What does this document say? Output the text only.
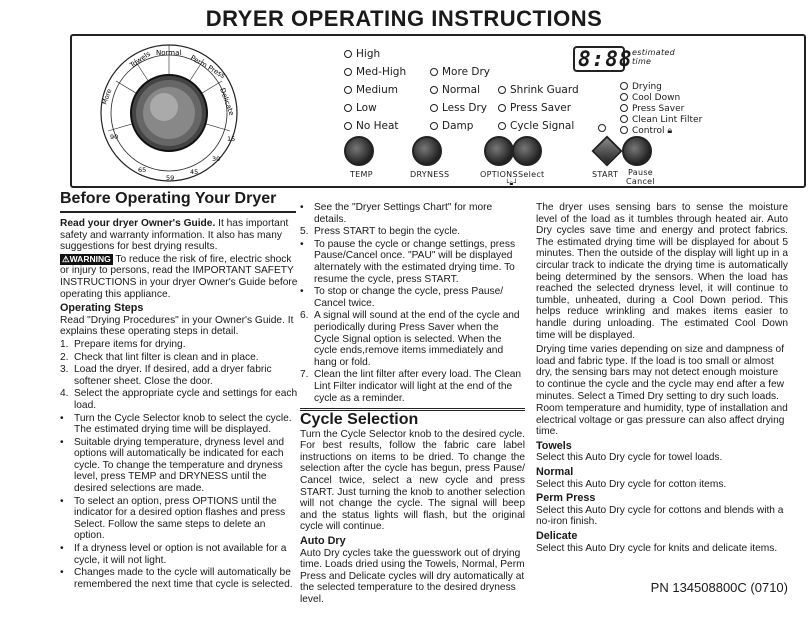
DRYER OPERATING INSTRUCTIONS
Towels Normal
Perm Press
Delicate
15
30
45
59
65
90
More
High
Med-High
Medium
Low
No Heat
More Dry
Normal
Less Dry
Damp
Shrink Guard
Press Saver
Cycle Signal
8:88 estimated time
Drying
Cool Down
Press Saver
Clean Lint Filter
Control 🔒︎
TEMP	DRYNESS	OPTIONS Select
└🔒︎┘
START Pause
Cancel
Before Operating Your Dryer

Read your dryer Owner's Guide. It has important safety and warranty information. It also has many suggestions for best drying results.

⚠WARNING To reduce the risk of fire, electric shock or injury to persons, read the IMPORTANT SAFETY INSTRUCTIONS in your dryer Owner's Guide before operating this appliance.

Operating Steps

Read "Drying Procedures" in your Owner's Guide. It explains these operating steps in detail.

1. Prepare items for drying.
2. Check that lint filter is clean and in place.
3. Load the dryer. If desired, add a dryer fabric softener sheet. Close the door.
4. Select the appropriate cycle and settings for each load.
•	Turn the Cycle Selector knob to select the cycle. The estimated drying time will be displayed.
•	Suitable drying temperature, dryness level and options will automatically be indicated for each cycle. To change the temperature and dryness level, press TEMP and DRYNESS until the desired selections are made.
•	To select an option, press OPTIONS until the indicator for a desired option flashes and press Select. Follow the same steps to delete an option.
•	If a dryness level or option is not available for a cycle, it will not light.
•	Changes made to the cycle will automatically be remembered the next time that cycle is selected.
•	See the "Dryer Settings Chart" for more details.
5. Press START to begin the cycle.
•	To pause the cycle or change settings, press Pause/Cancel once. "PAU" will be displayed alternately with the estimated drying time. To resume the cycle, press START.
•	To stop or change the cycle, press Pause/ Cancel twice.
6. A signal will sound at the end of the cycle and periodically during Press Saver when the Cycle Signal option is selected. When the cycle ends,remove items immediately and hang or fold.
7. Clean the lint filter after every load. The Clean Lint Filter indicator will light at the end of the cycle as a reminder.
Cycle Selection

Turn the Cycle Selector knob to the desired cycle. For best results, follow the fabric care label instructions on items to be dried. To change the selection after the cycle has begun, press Pause/ Cancel twice, select a new cycle and press START. Just turning the knob to another selection will not change the cycle. The signal will beep and the status lights will flash, but the original cycle will continue.

Auto Dry

Auto Dry cycles take the guesswork out of drying time. Loads dried using the Towels, Normal, Perm Press and Delicate cycles will dry automatically at the selected temperature to the desired dryness level.

The dryer uses sensing bars to sense the moisture level of the load as it tumbles through heated air. Auto Dry cycles save time and energy and protect fabrics. The estimated drying time will be displayed for about 5 minutes. Then the outside of the display will light up in a circular track to indicate the drying time is automatically being determined by the sensors. When the load has reached the selected dryness level, it will continue to tumble, unheated, during a Cool Down period. This helps reduce wrinkling and makes items easier to handle during unloading. The estimated Cool Down time will be displayed.

Drying time varies depending on size and dampness of load and fabric type. If the load is too small or almost dry, the sensing bars may not detect enough moisture to continue the cycle and the cycle may end after a few minutes. Select a Timed Dry setting to dry such loads.

Room temperature and humidity, type of installation and electrical voltage or gas pressure can also affect drying time.

Towels

Select this Auto Dry cycle for towel loads.

Normal

Select this Auto Dry cycle for cotton items.

Perm Press

Select this Auto Dry cycle for cottons and blends with a no-iron finish.

Delicate

Select this Auto Dry cycle for knits and delicate items.

PN 134508800C (0710)
